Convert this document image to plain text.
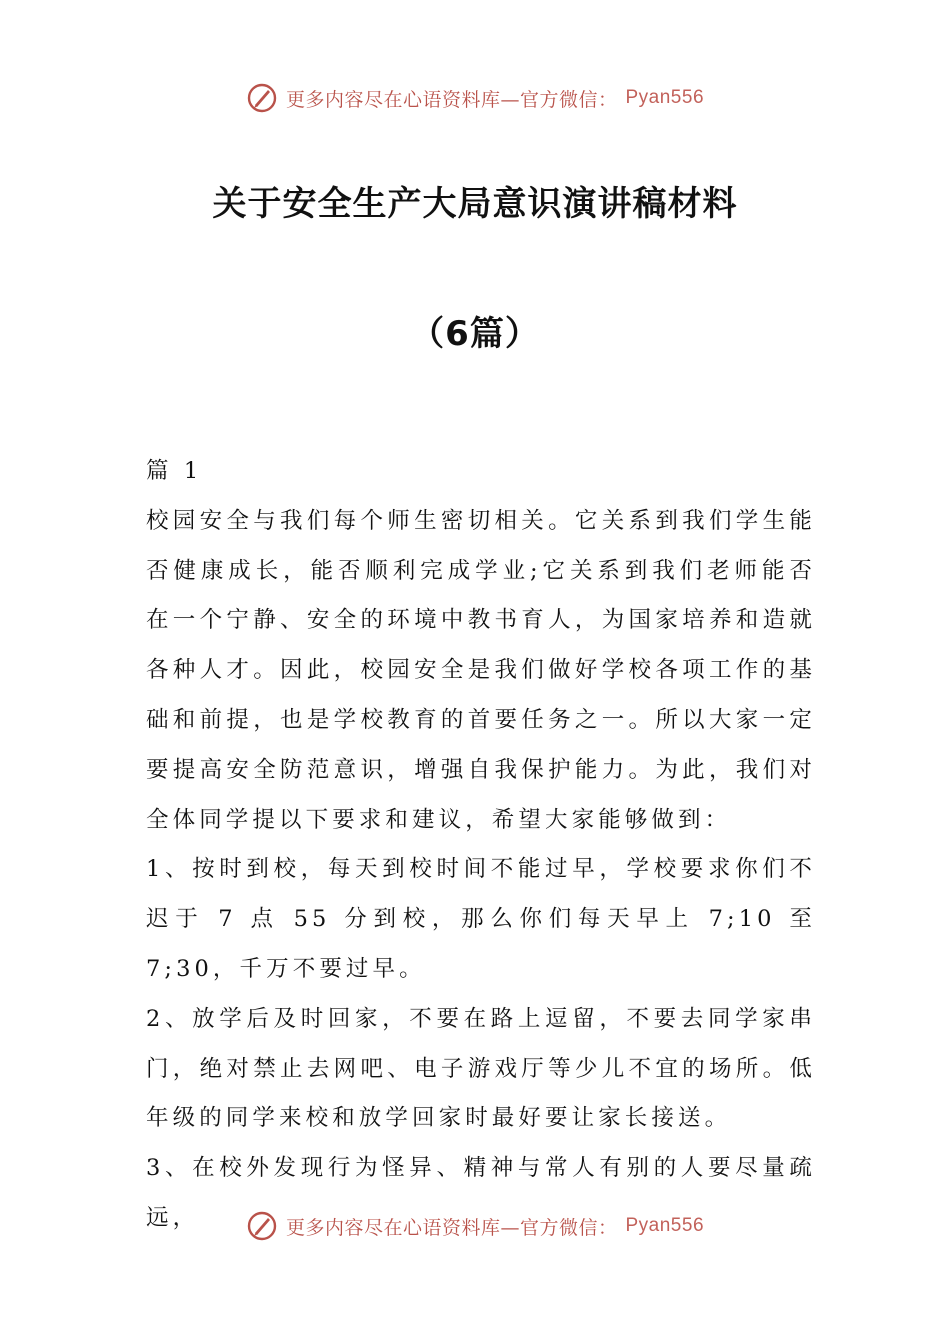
更多内容尽在心语资料库—官方微信： Pyan556
关于安全生产大局意识演讲稿材料
（6篇）

篇 1

校园安全与我们每个师生密切相关。它关系到我们学生能否健康成长，能否顺利完成学业;它关系到我们老师能否在一个宁静、安全的环境中教书育人，为国家培养和造就各种人才。因此，校园安全是我们做好学校各项工作的基础和前提，也是学校教育的首要任务之一。所以大家一定要提高安全防范意识，增强自我保护能力。为此，我们对全体同学提以下要求和建议，希望大家能够做到：

1、按时到校，每天到校时间不能过早，学校要求你们不迟于 7 点 55 分到校，那么你们每天早上 7;10 至 7;30，千万不要过早。

2、放学后及时回家，不要在路上逗留，不要去同学家串门，绝对禁止去网吧、电子游戏厅等少儿不宜的场所。低年级的同学来校和放学回家时最好要让家长接送。

3、在校外发现行为怪异、精神与常人有别的人要尽量疏远，	更多内容尽在心语资料库—官方微信： Pyan556
